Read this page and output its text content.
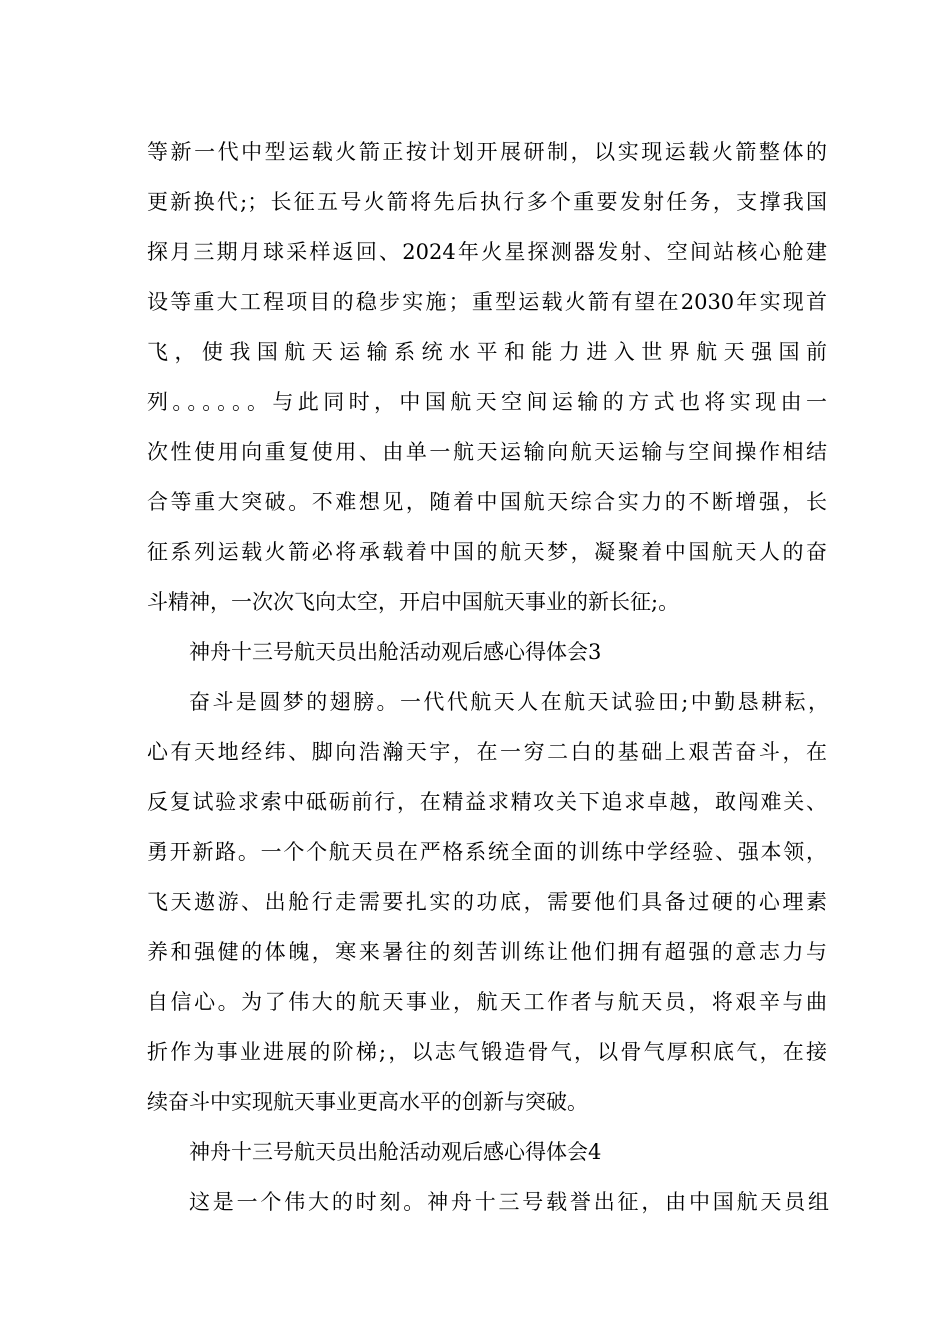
等新一代中型运载火箭正按计划开展研制，以实现运载火箭整体的
更新换代;；长征五号火箭将先后执行多个重要发射任务，支撑我国
探月三期月球采样返回、2024年火星探测器发射、空间站核心舱建
设等重大工程项目的稳步实施；重型运载火箭有望在2030年实现首
飞，使我国航天运输系统水平和能力进入世界航天强国前
列。。。。。。与此同时，中国航天空间运输的方式也将实现由一
次性使用向重复使用、由单一航天运输向航天运输与空间操作相结
合等重大突破。不难想见，随着中国航天综合实力的不断增强，长
征系列运载火箭必将承载着中国的航天梦，凝聚着中国航天人的奋
斗精神，一次次飞向太空，开启中国航天事业的新长征;。
神舟十三号航天员出舱活动观后感心得体会3
奋斗是圆梦的翅膀。一代代航天人在航天试验田;中勤恳耕耘，
心有天地经纬、脚向浩瀚天宇，在一穷二白的基础上艰苦奋斗，在
反复试验求索中砥砺前行，在精益求精攻关下追求卓越，敢闯难关、
勇开新路。一个个航天员在严格系统全面的训练中学经验、强本领，
飞天遨游、出舱行走需要扎实的功底，需要他们具备过硬的心理素
养和强健的体魄，寒来暑往的刻苦训练让他们拥有超强的意志力与
自信心。为了伟大的航天事业，航天工作者与航天员，将艰辛与曲
折作为事业进展的阶梯;，以志气锻造骨气，以骨气厚积底气，在接
续奋斗中实现航天事业更高水平的创新与突破。
神舟十三号航天员出舱活动观后感心得体会4
这是一个伟大的时刻。神舟十三号载誉出征，由中国航天员组
